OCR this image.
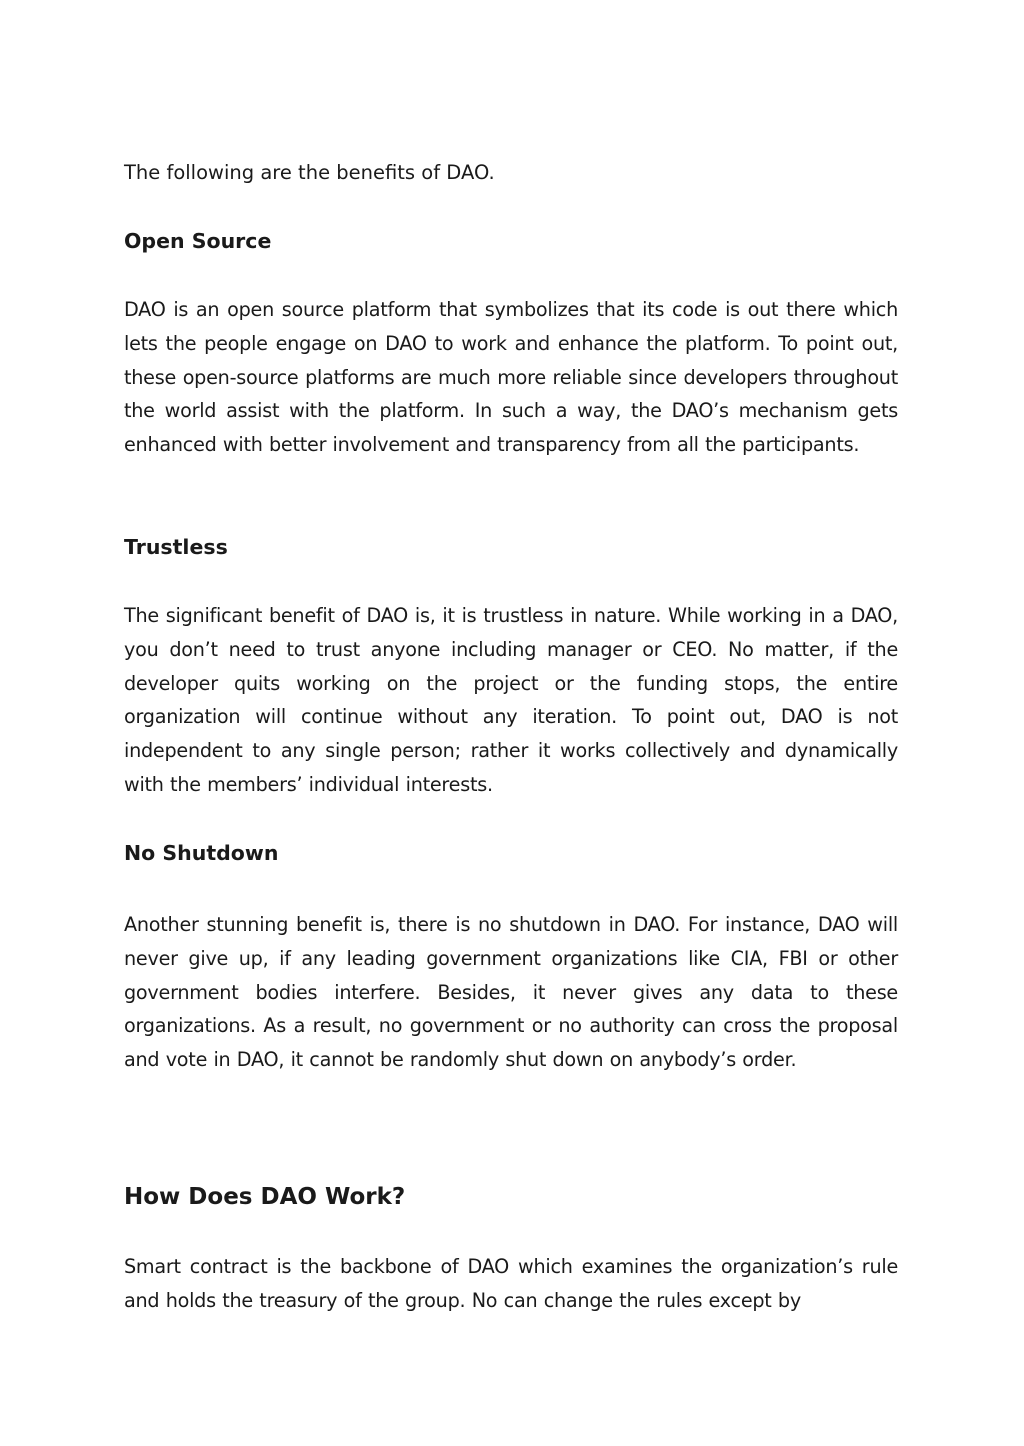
The following are the benefits of DAO.

Open Source

DAO is an open source platform that symbolizes that its code is out there which lets the people engage on DAO to work and enhance the platform. To point out, these open-source platforms are much more reliable since developers throughout the world assist with the platform. In such a way, the DAO’s mechanism gets enhanced with better involvement and transparency from all the participants.

Trustless

The significant benefit of DAO is, it is trustless in nature. While working in a DAO, you don’t need to trust anyone including manager or CEO. No matter, if the developer quits working on the project or the funding stops, the entire organization will continue without any iteration. To point out, DAO is not independent to any single person; rather it works collectively and dynamically with the members’ individual interests.

No Shutdown

Another stunning benefit is, there is no shutdown in DAO. For instance, DAO will never give up, if any leading government organizations like CIA, FBI or other government bodies interfere. Besides, it never gives any data to these organizations. As a result, no government or no authority can cross the proposal and vote in DAO, it cannot be randomly shut down on anybody’s order.

How Does DAO Work?

Smart contract is the backbone of DAO which examines the organization’s rule and holds the treasury of the group. No can change the rules except by
